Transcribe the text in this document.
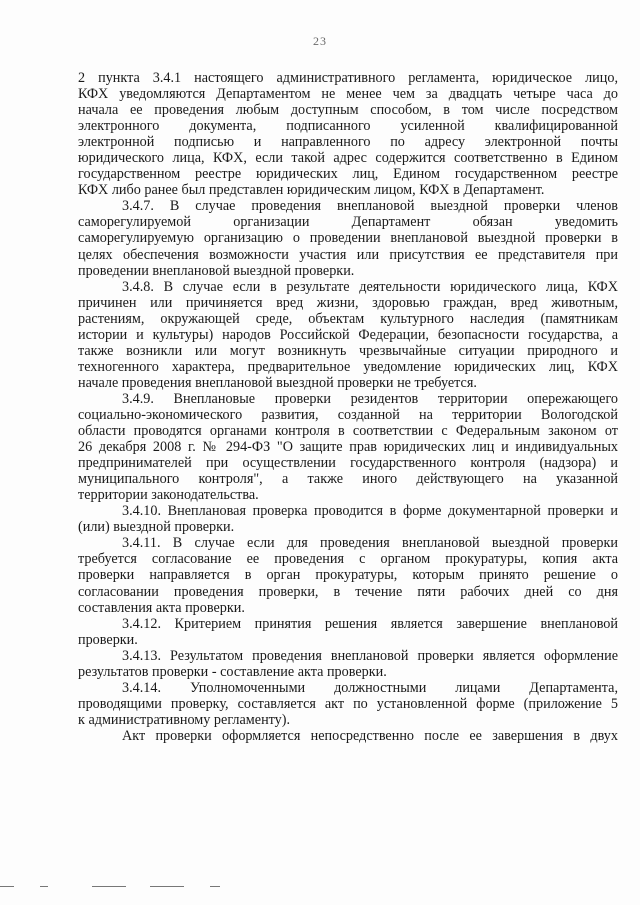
23
2 пункта 3.4.1 настоящего административного регламента, юридическое лицо,
КФХ уведомляются Департаментом не менее чем за двадцать четыре часа до
начала ее проведения любым доступным способом, в том числе посредством
электронного документа, подписанного усиленной квалифицированной
электронной подписью и направленного по адресу электронной почты
юридического лица, КФХ, если такой адрес содержится соответственно в Едином
государственном реестре юридических лиц, Едином государственном реестре
КФХ либо ранее был представлен юридическим лицом, КФХ в Департамент.
3.4.7. В случае проведения внеплановой выездной проверки членов
саморегулируемой организации Департамент обязан уведомить
саморегулируемую организацию о проведении внеплановой выездной проверки в
целях обеспечения возможности участия или присутствия ее представителя при
проведении внеплановой выездной проверки.
3.4.8. В случае если в результате деятельности юридического лица, КФХ
причинен или причиняется вред жизни, здоровью граждан, вред животным,
растениям, окружающей среде, объектам культурного наследия (памятникам
истории и культуры) народов Российской Федерации, безопасности государства, а
также возникли или могут возникнуть чрезвычайные ситуации природного и
техногенного характера, предварительное уведомление юридических лиц, КФХ
начале проведения внеплановой выездной проверки не требуется.
3.4.9. Внеплановые проверки резидентов территории опережающего
социально-экономического развития, созданной на территории Вологодской
области проводятся органами контроля в соответствии с Федеральным законом от
26 декабря 2008 г. № 294-ФЗ "О защите прав юридических лиц и индивидуальных
предпринимателей при осуществлении государственного контроля (надзора) и
муниципального контроля", а также иного действующего на указанной
территории законодательства.
3.4.10. Внеплановая проверка проводится в форме документарной проверки и
(или) выездной проверки.
3.4.11. В случае если для проведения внеплановой выездной проверки
требуется согласование ее проведения с органом прокуратуры, копия акта
проверки направляется в орган прокуратуры, которым принято решение о
согласовании проведения проверки, в течение пяти рабочих дней со дня
составления акта проверки.
3.4.12. Критерием принятия решения является завершение внеплановой
проверки.
3.4.13. Результатом проведения внеплановой проверки является оформление
результатов проверки - составление акта проверки.
3.4.14. Уполномоченными должностными лицами Департамента,
проводящими проверку, составляется акт по установленной форме (приложение 5
к административному регламенту).
Акт проверки оформляется непосредственно после ее завершения в двух
